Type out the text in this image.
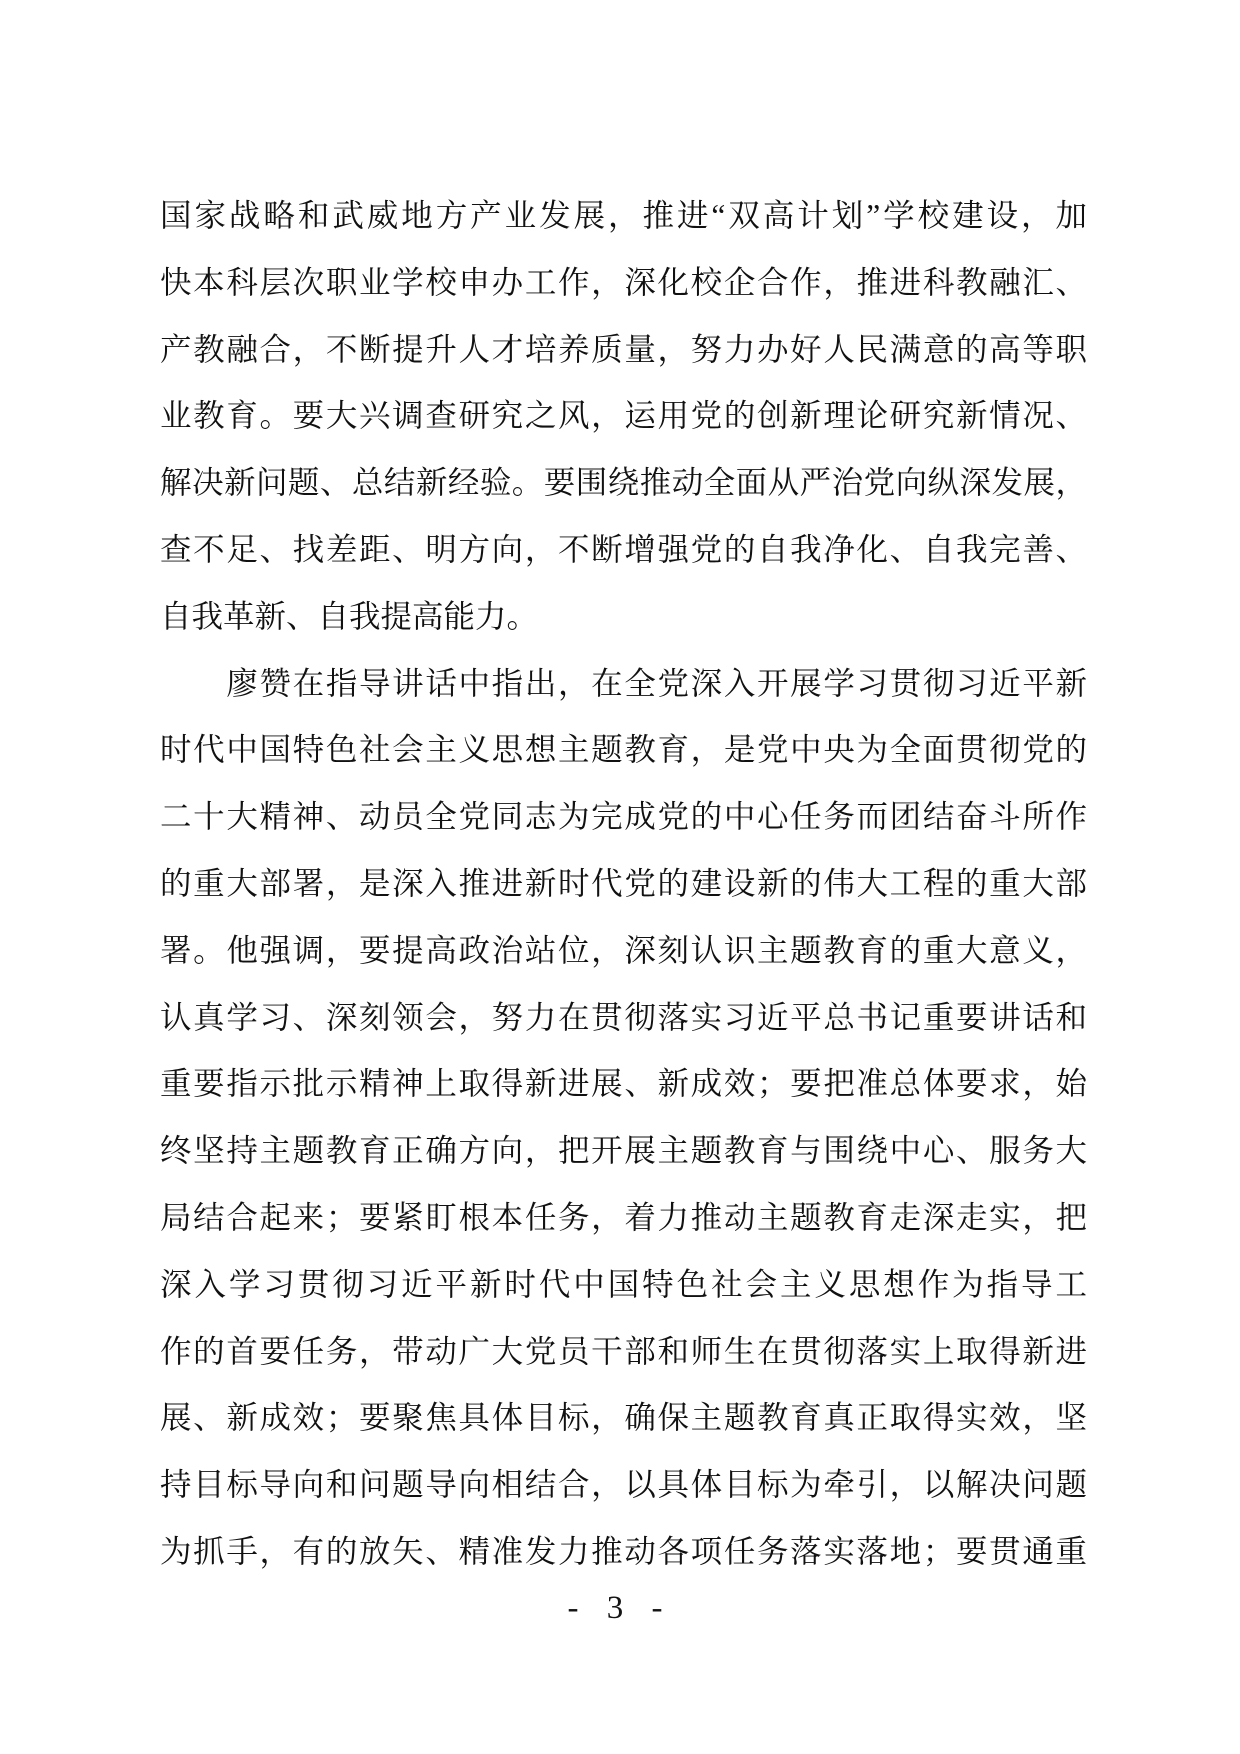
国家战略和武威地方产业发展，推进“双高计划”学校建设，加
快本科层次职业学校申办工作，深化校企合作，推进科教融汇、
产教融合，不断提升人才培养质量，努力办好人民满意的高等职
业教育。要大兴调查研究之风，运用党的创新理论研究新情况、
解决新问题、总结新经验。要围绕推动全面从严治党向纵深发展，
查不足、找差距、明方向，不断增强党的自我净化、自我完善、
自我革新、自我提高能力。
　　廖赞在指导讲话中指出，在全党深入开展学习贯彻习近平新
时代中国特色社会主义思想主题教育，是党中央为全面贯彻党的
二十大精神、动员全党同志为完成党的中心任务而团结奋斗所作
的重大部署，是深入推进新时代党的建设新的伟大工程的重大部
署。他强调，要提高政治站位，深刻认识主题教育的重大意义，
认真学习、深刻领会，努力在贯彻落实习近平总书记重要讲话和
重要指示批示精神上取得新进展、新成效；要把准总体要求，始
终坚持主题教育正确方向，把开展主题教育与围绕中心、服务大
局结合起来；要紧盯根本任务，着力推动主题教育走深走实，把
深入学习贯彻习近平新时代中国特色社会主义思想作为指导工
作的首要任务，带动广大党员干部和师生在贯彻落实上取得新进
展、新成效；要聚焦具体目标，确保主题教育真正取得实效，坚
持目标导向和问题导向相结合，以具体目标为牵引，以解决问题
为抓手，有的放矢、精准发力推动各项任务落实落地；要贯通重
- 3 -
